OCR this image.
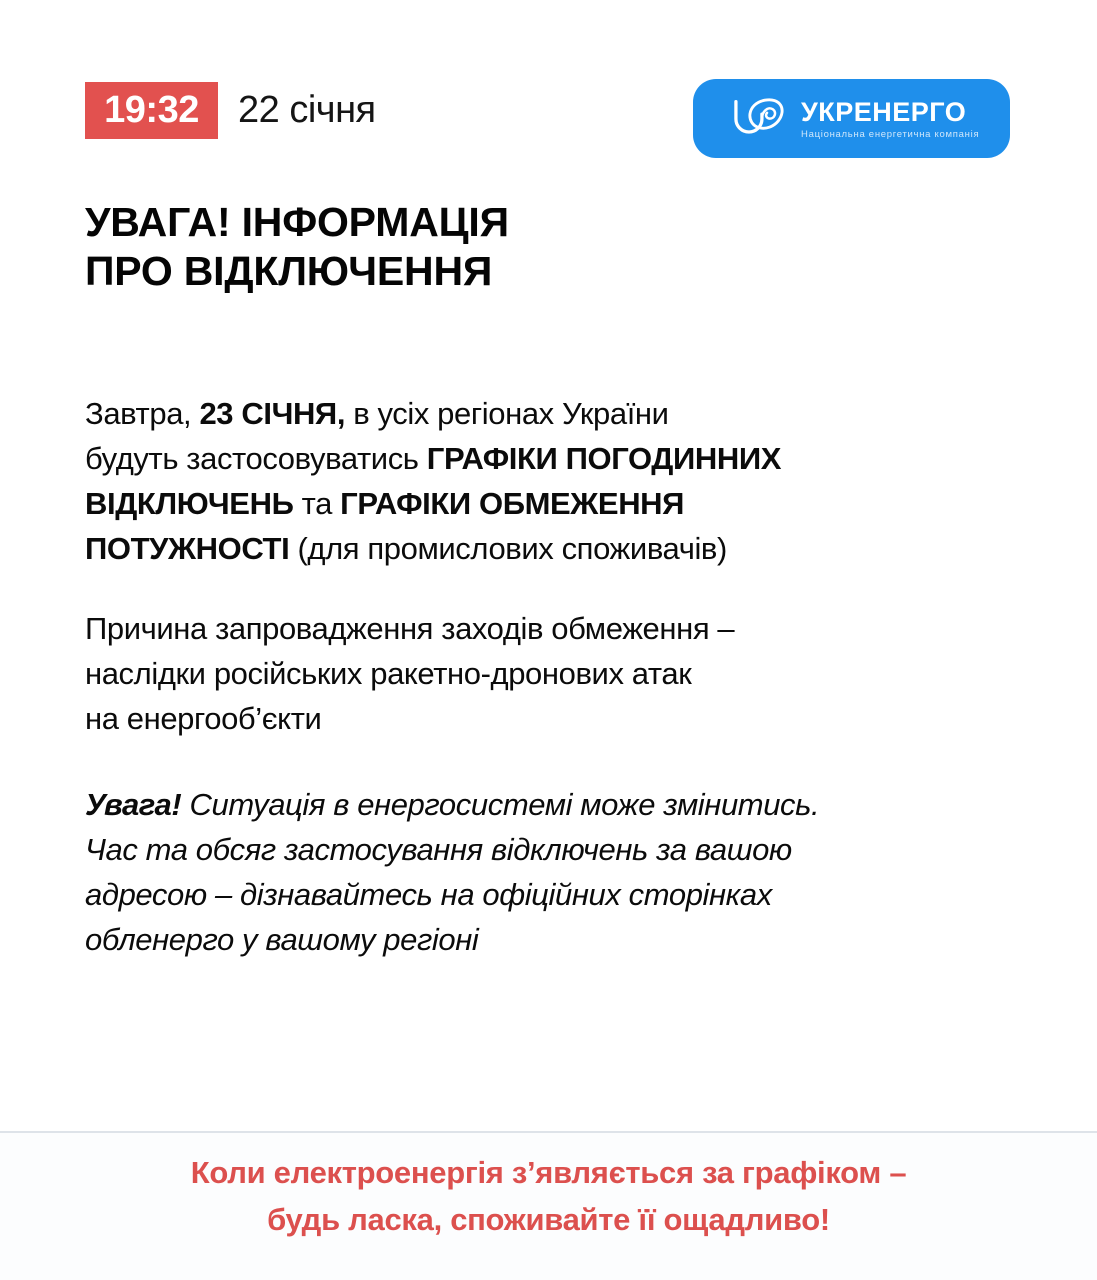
19:32 22 січня	УКРЕНЕРГО
Національна енергетична компанія
УВАГА! ІНФОРМАЦІЯ
ПРО ВІДКЛЮЧЕННЯ
Завтра, 23 СІЧНЯ, в усіх регіонах України
будуть застосовуватись ГРАФІКИ ПОГОДИННИХ
ВІДКЛЮЧЕНЬ та ГРАФІКИ ОБМЕЖЕННЯ
ПОТУЖНОСТІ (для промислових споживачів)
Причина запровадження заходів обмеження –
наслідки російських ракетно-дронових атак
на енергооб’єкти
Увага! Ситуація в енергосистемі може змінитись.
Час та обсяг застосування відключень за вашою
адресою – дізнавайтесь на офіційних сторінках
обленерго у вашому регіоні
Коли електроенергія з’являється за графіком –
будь ласка, споживайте її ощадливо!
